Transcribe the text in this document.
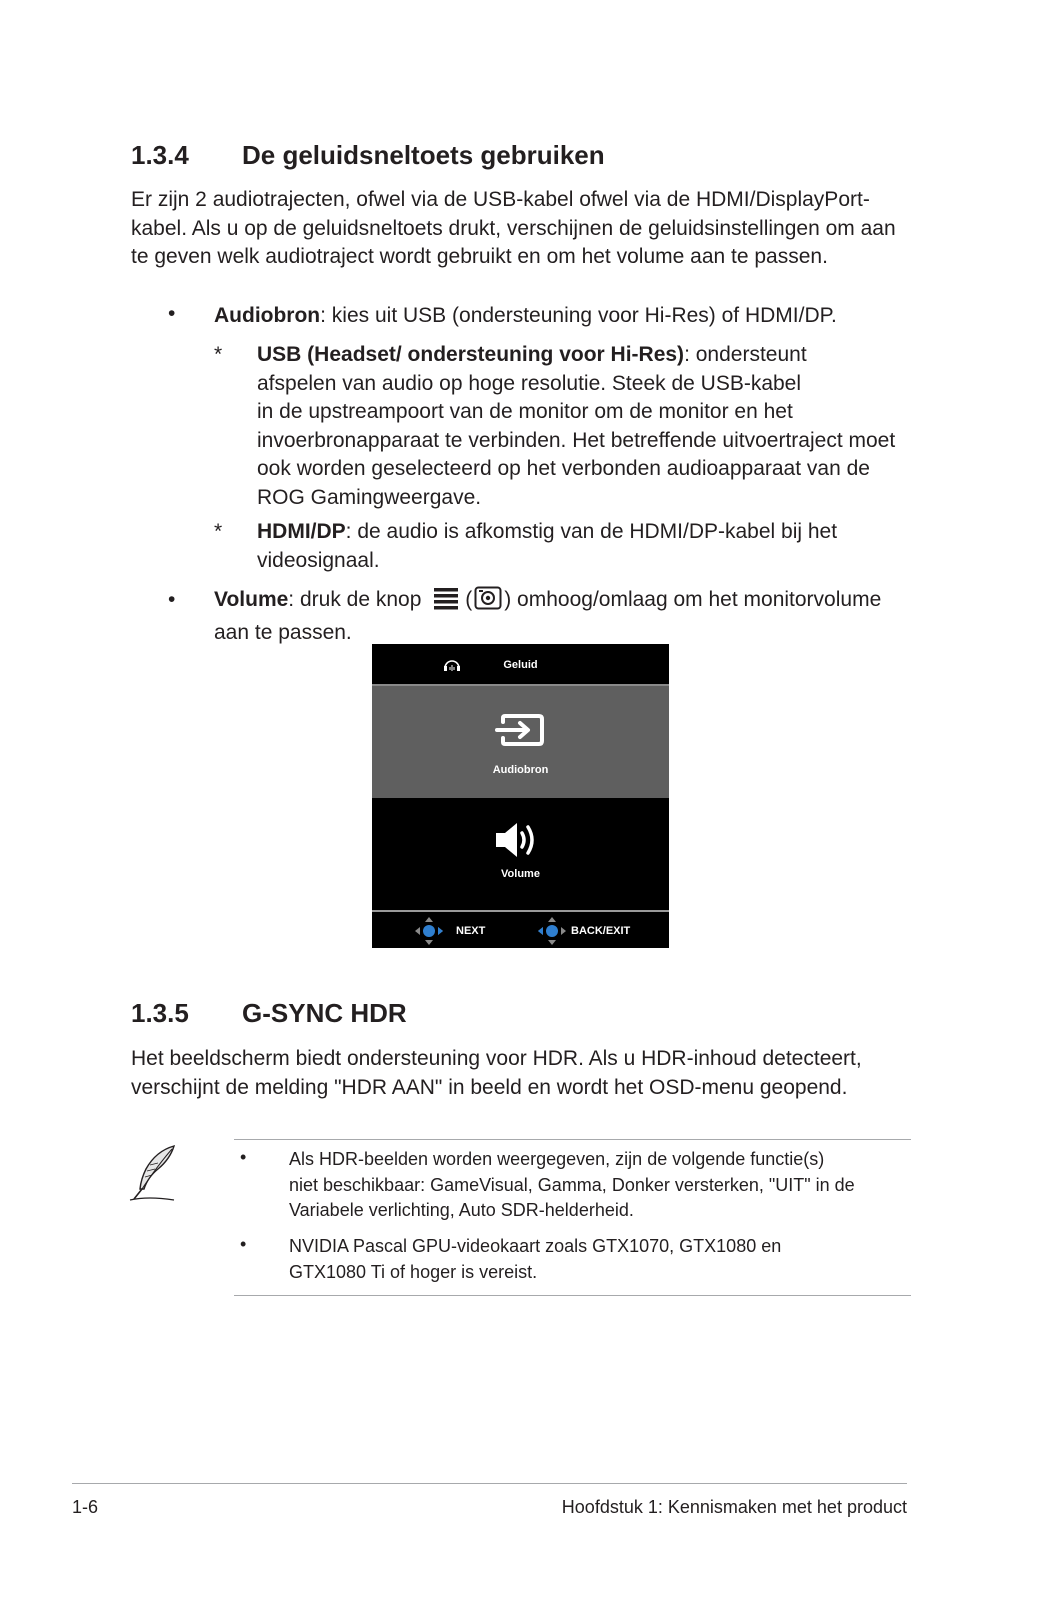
1.3.4 De geluidsneltoets gebruiken

Er zijn 2 audiotrajecten, ofwel via de USB-kabel ofwel via de HDMI/DisplayPort-

kabel. Als u op de geluidsneltoets drukt, verschijnen de geluidsinstellingen om aan

te geven welk audiotraject wordt gebruikt en om het volume aan te passen.

• Audiobron: kies uit USB (ondersteuning voor Hi-Res) of HDMI/DP.
* USB (Headset/ ondersteuning voor Hi-Res): ondersteunt

afspelen van audio op hoge resolutie. Steek de USB-kabel

in de upstreampoort van de monitor om de monitor en het

invoerbronapparaat te verbinden. Het betreffende uitvoertraject moet

ook worden geselecteerd op het verbonden audioapparaat van de

ROG Gamingweergave.

* HDMI/DP: de audio is afkomstig van de HDMI/DP-kabel bij het

videosignaal.

• Volume: druk de knop ( ) omhoog/omlaag om het monitorvolume

aan te passen.

Geluid
Audiobron
Volume
NEXT	BACK/EXIT
1.3.5 G-SYNC HDR

Het beeldscherm biedt ondersteuning voor HDR. Als u HDR-inhoud detecteert,

verschijnt de melding "HDR AAN" in beeld en wordt het OSD-menu geopend.

• Als HDR-beelden worden weergegeven, zijn de volgende functie(s)

niet beschikbaar: GameVisual, Gamma, Donker versterken, "UIT" in de

Variabele verlichting, Auto SDR-helderheid.

• NVIDIA Pascal GPU-videokaart zoals GTX1070, GTX1080 en

GTX1080 Ti of hoger is vereist.

1-6	Hoofdstuk 1: Kennismaken met het product
